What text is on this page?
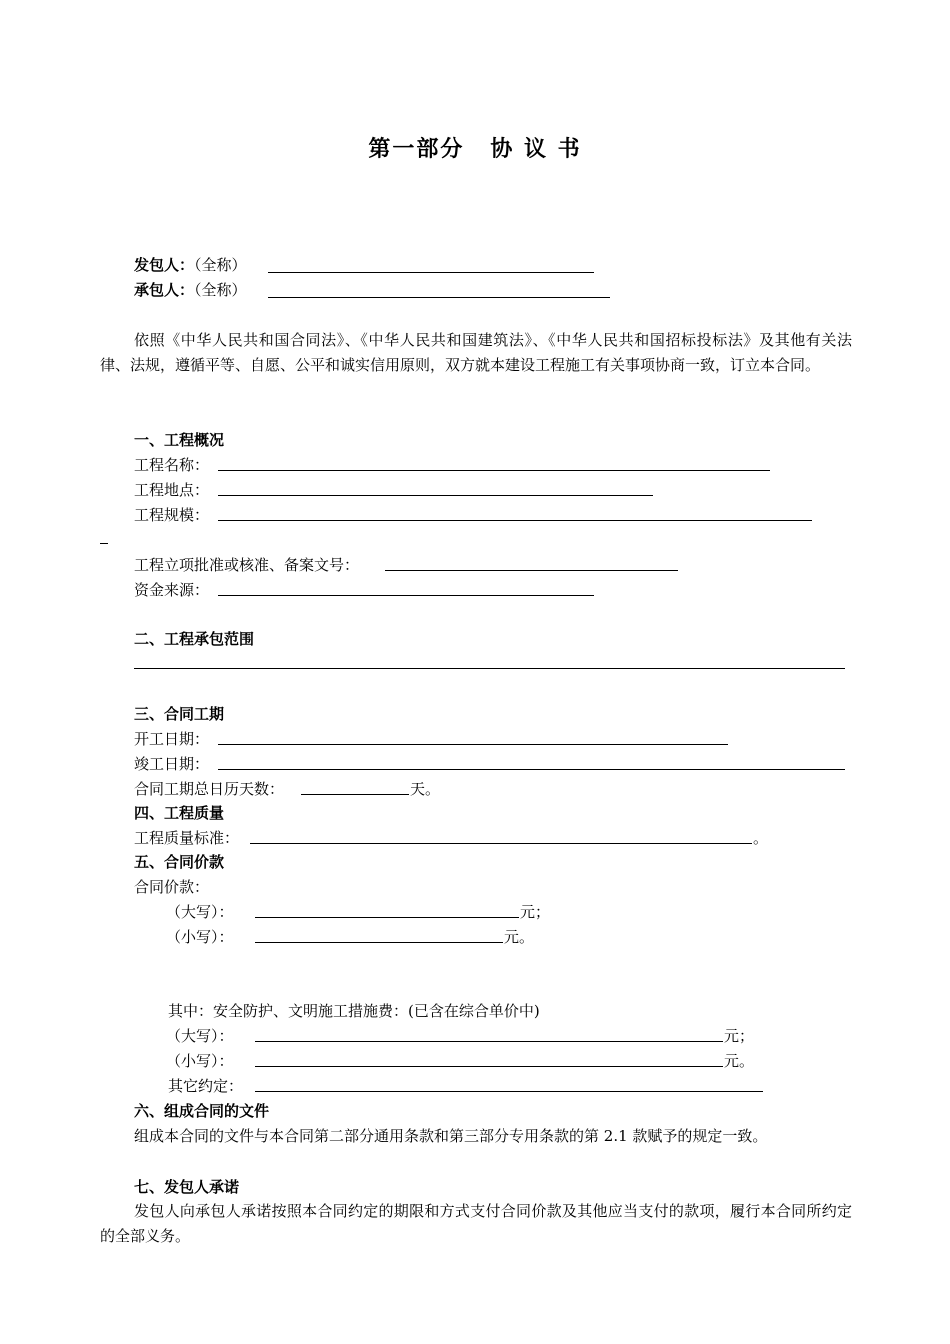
第一部分 协 议 书
发包人：（全称）
承包人：（全称）
依照《中华人民共和国合同法》、《中华人民共和国建筑法》、《中华人民共和国招标投标法》及其他有关法律、法规，遵循平等、自愿、公平和诚实信用原则，双方就本建设工程施工有关事项协商一致，订立本合同。
一、工程概况
工程名称：
工程地点：
工程规模：
工程立项批准或核准、备案文号：
资金来源：
二、工程承包范围
三、合同工期
开工日期：
竣工日期：
合同工期总日历天数：	天。
四、工程质量
工程质量标准：	。
五、合同价款
合同价款：
（大写）：	元；
（小写）：	元。
其中：安全防护、文明施工措施费：(已含在综合单价中)
（大写）：	元；
（小写）：	元。
其它约定：
六、组成合同的文件
组成本合同的文件与本合同第二部分通用条款和第三部分专用条款的第 2.1 款赋予的规定一致。
七、发包人承诺
发包人向承包人承诺按照本合同约定的期限和方式支付合同价款及其他应当支付的款项，履行本合同所约定的全部义务。
